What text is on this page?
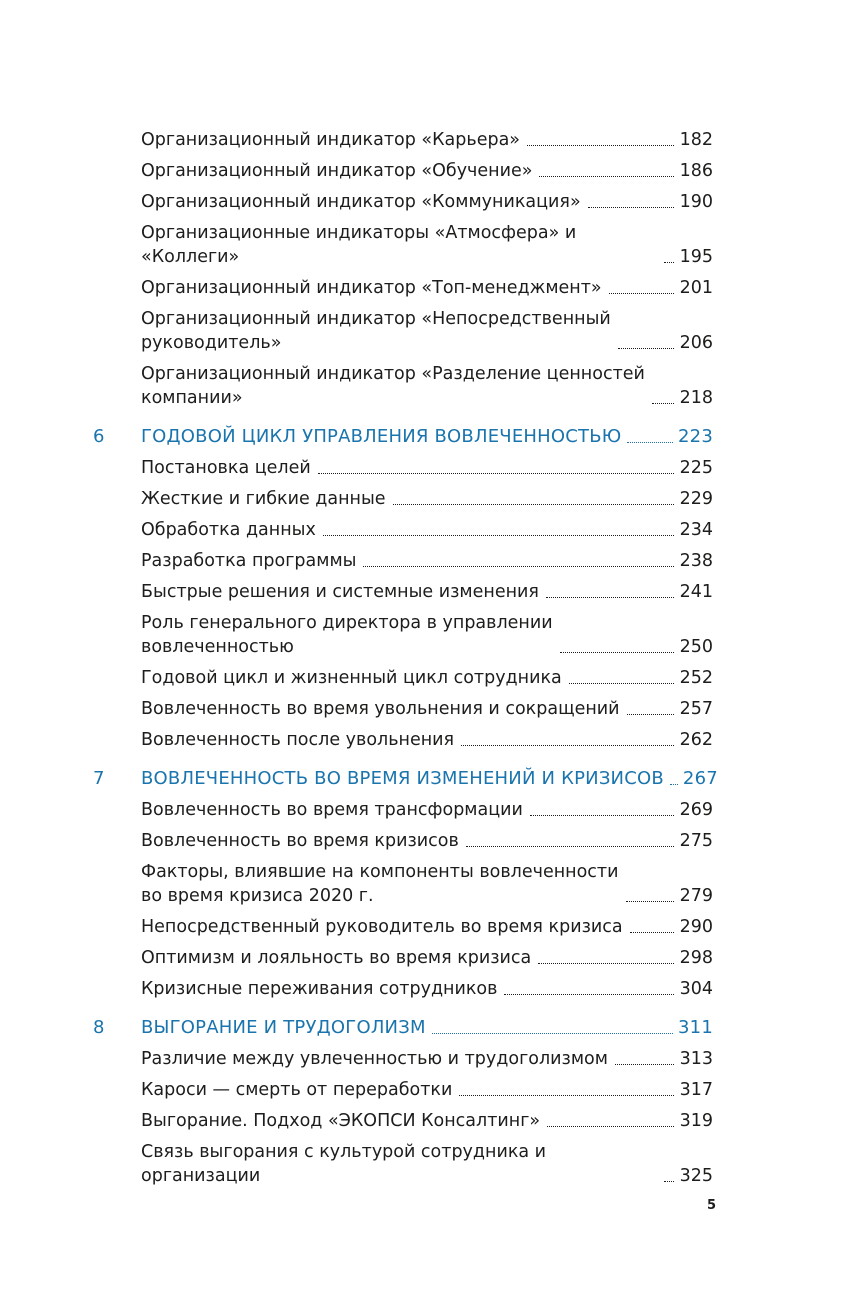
Организационный индикатор «Карьера»	182
Организационный индикатор «Обучение»	186
Организационный индикатор «Коммуникация»	190
Организационные индикаторы «Атмосфера» и «Коллеги»	195
Организационный индикатор «Топ-менеджмент»	201
Организационный индикатор «Непосредственный
руководитель»	206
Организационный индикатор «Разделение ценностей
компании»	218
6 ГОДОВОЙ ЦИКЛ УПРАВЛЕНИЯ ВОВЛЕЧЕННОСТЬЮ	223
Постановка целей	225
Жесткие и гибкие данные	229
Обработка данных	234
Разработка программы	238
Быстрые решения и системные изменения	241
Роль генерального директора в управлении
вовлеченностью	250
Годовой цикл и жизненный цикл сотрудника	252
Вовлеченность во время увольнения и сокращений	257
Вовлеченность после увольнения	262
7 ВОВЛЕЧЕННОСТЬ ВО ВРЕМЯ ИЗМЕНЕНИЙ И КРИЗИСОВ 267
Вовлеченность во время трансформации	269
Вовлеченность во время кризисов	275
Факторы, влиявшие на компоненты вовлеченности
во время кризиса 2020 г.	279
Непосредственный руководитель во время кризиса	290
Оптимизм и лояльность во время кризиса	298
Кризисные переживания сотрудников	304
8 ВЫГОРАНИЕ И ТРУДОГОЛИЗМ	311
Различие между увлеченностью и трудоголизмом	313
Кароси — смерть от переработки	317
Выгорание. Подход «ЭКОПСИ Консалтинг»	319
Связь выгорания с культурой сотрудника и организации	325
5
